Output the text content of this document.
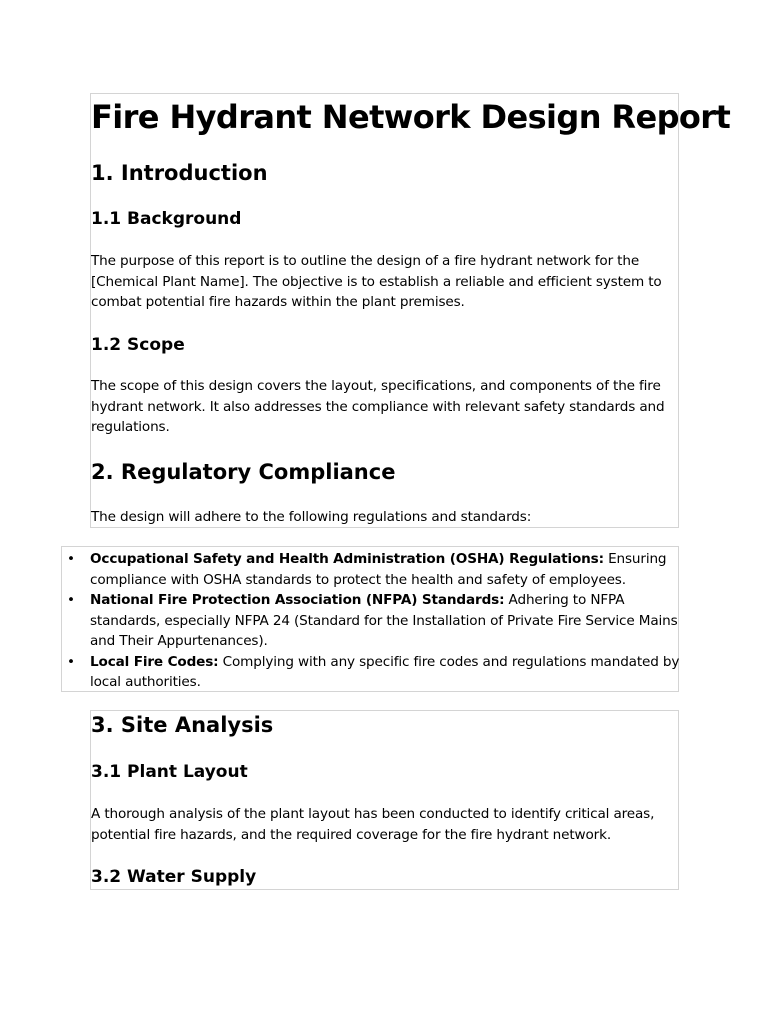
Fire Hydrant Network Design Report
1. Introduction
1.1 Background

The purpose of this report is to outline the design of a fire hydrant network for the [Chemical Plant Name]. The objective is to establish a reliable and efficient system to combat potential fire hazards within the plant premises.

1.2 Scope

The scope of this design covers the layout, specifications, and components of the fire hydrant network. It also addresses the compliance with relevant safety standards and regulations.

2. Regulatory Compliance

The design will adhere to the following regulations and standards:

• Occupational Safety and Health Administration (OSHA) Regulations: Ensuring compliance with OSHA standards to protect the health and safety of employees.
• National Fire Protection Association (NFPA) Standards: Adhering to NFPA standards, especially NFPA 24 (Standard for the Installation of Private Fire Service Mains and Their Appurtenances).
• Local Fire Codes: Complying with any specific fire codes and regulations mandated by local authorities.
3. Site Analysis
3.1 Plant Layout

A thorough analysis of the plant layout has been conducted to identify critical areas, potential fire hazards, and the required coverage for the fire hydrant network.

3.2 Water Supply
